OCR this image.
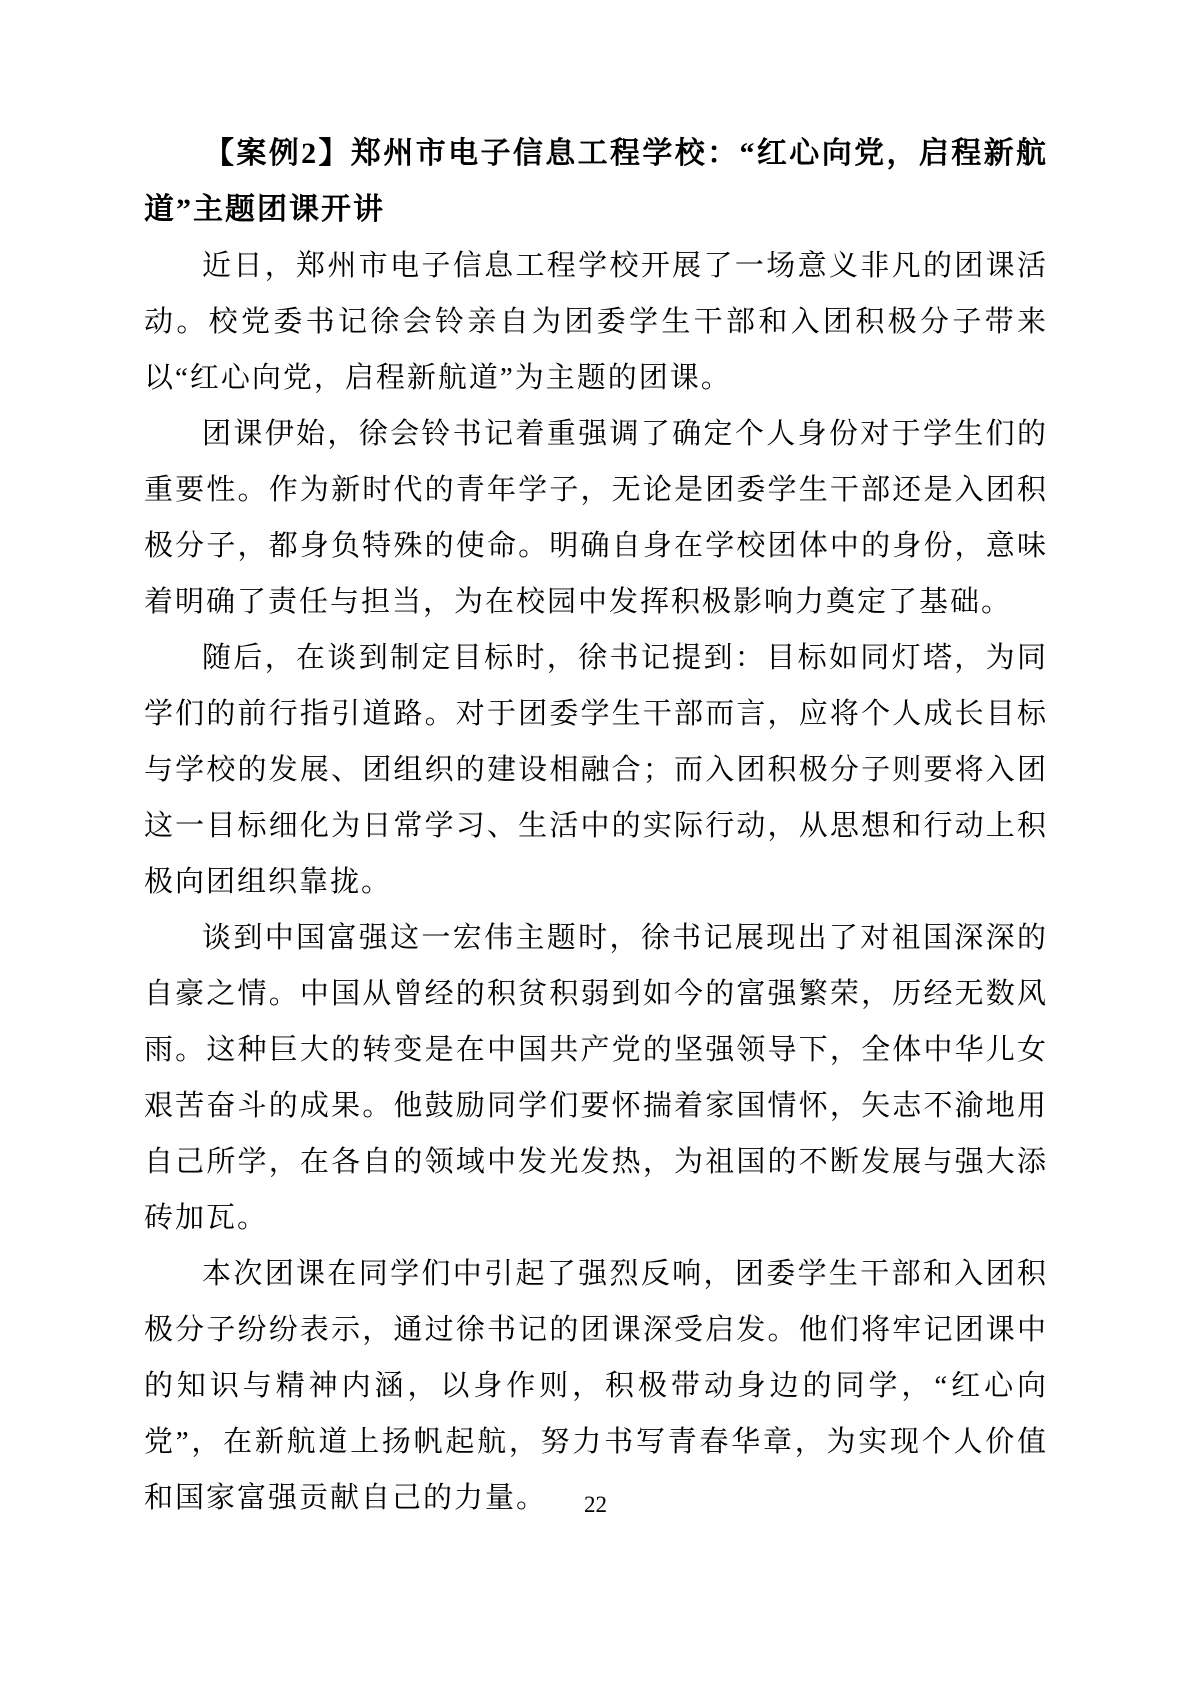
【案例2】郑州市电子信息工程学校：“红心向党，启程新航道”主题团课开讲

近日，郑州市电子信息工程学校开展了一场意义非凡的团课活动。校党委书记徐会铃亲自为团委学生干部和入团积极分子带来以“红心向党，启程新航道”为主题的团课。

团课伊始，徐会铃书记着重强调了确定个人身份对于学生们的重要性。作为新时代的青年学子，无论是团委学生干部还是入团积极分子，都身负特殊的使命。明确自身在学校团体中的身份，意味着明确了责任与担当，为在校园中发挥积极影响力奠定了基础。

随后，在谈到制定目标时，徐书记提到：目标如同灯塔，为同学们的前行指引道路。对于团委学生干部而言，应将个人成长目标与学校的发展、团组织的建设相融合；而入团积极分子则要将入团这一目标细化为日常学习、生活中的实际行动，从思想和行动上积极向团组织靠拢。

谈到中国富强这一宏伟主题时，徐书记展现出了对祖国深深的自豪之情。中国从曾经的积贫积弱到如今的富强繁荣，历经无数风雨。这种巨大的转变是在中国共产党的坚强领导下，全体中华儿女艰苦奋斗的成果。他鼓励同学们要怀揣着家国情怀，矢志不渝地用自己所学，在各自的领域中发光发热，为祖国的不断发展与强大添砖加瓦。

本次团课在同学们中引起了强烈反响，团委学生干部和入团积极分子纷纷表示，通过徐书记的团课深受启发。他们将牢记团课中的知识与精神内涵，以身作则，积极带动身边的同学，“红心向党”，在新航道上扬帆起航，努力书写青春华章，为实现个人价值和国家富强贡献自己的力量。	22
